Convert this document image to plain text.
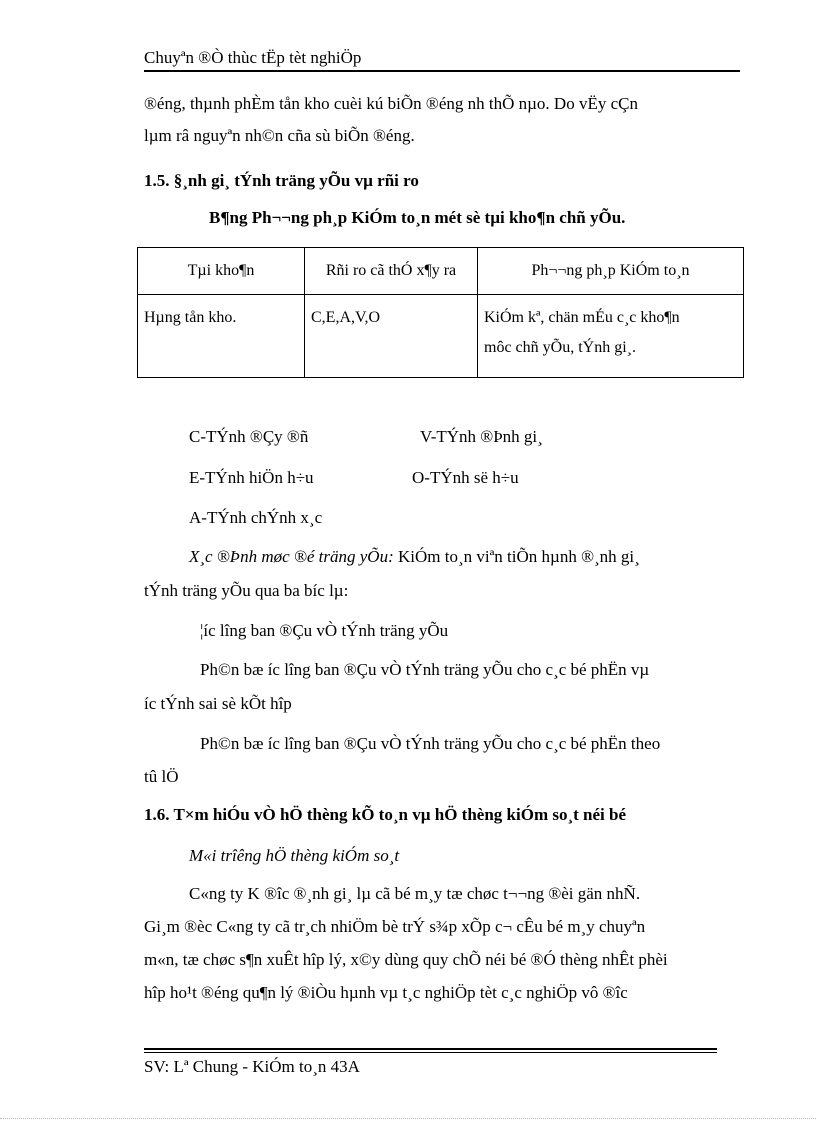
Chuyªn ®Ò thùc tËp tèt nghiÖp
®éng, thµnh phÈm tån kho cuèi kú biÕn ®éng nh thÕ nµo. Do vËy cÇn
lµm râ nguyªn nh©n cña sù biÕn ®éng.
1.5. §¸nh gi¸ tÝnh träng yÕu vµ rñi ro
B¶ng Ph¬¬ng ph¸p KiÓm to¸n mét sè tµi kho¶n chñ yÕu.
Tµi kho¶n	Rñi ro cã thÓ x¶y ra	Ph¬¬ng ph¸p KiÓm to¸n

Hµng tån kho.	C,E,A,V,O	KiÓm kª, chän mÉu c¸c kho¶n
môc chñ yÕu, tÝnh gi¸.
C-TÝnh ®Çy ®ñ	V-TÝnh ®Þnh gi¸
E-TÝnh hiÖn h÷u	O-TÝnh së h÷u
A-TÝnh chÝnh x¸c
X¸c ®Þnh møc ®é träng yÕu: KiÓm to¸n viªn tiÕn hµnh ®¸nh gi¸
tÝnh träng yÕu qua ba bíc lµ:
¦íc lîng ban ®Çu vÒ tÝnh träng yÕu
Ph©n bæ íc lîng ban ®Çu vÒ tÝnh träng yÕu cho c¸c bé phËn vµ
íc tÝnh sai sè kÕt hîp
Ph©n bæ íc lîng ban ®Çu vÒ tÝnh träng yÕu cho c¸c bé phËn theo
tû lÖ
1.6. T×m hiÓu vÒ hÖ thèng kÕ to¸n vµ hÖ thèng kiÓm so¸t néi bé
M«i trîêng hÖ thèng kiÓm so¸t
C«ng ty K ®îc ®¸nh gi¸ lµ cã bé m¸y tæ chøc t¬¬ng ®èi gän nhÑ.
Gi¸m ®èc C«ng ty cã tr¸ch nhiÖm bè trÝ s¾p xÕp c¬ cÊu bé m¸y chuyªn
m«n, tæ chøc s¶n xuÊt hîp lý, x©y dùng quy chÕ néi bé ®Ó thèng nhÊt phèi
hîp ho¹t ®éng qu¶n lý ®iÒu hµnh vµ t¸c nghiÖp tèt c¸c nghiÖp vô ®îc
SV: Lª Chung - KiÓm to¸n 43A
